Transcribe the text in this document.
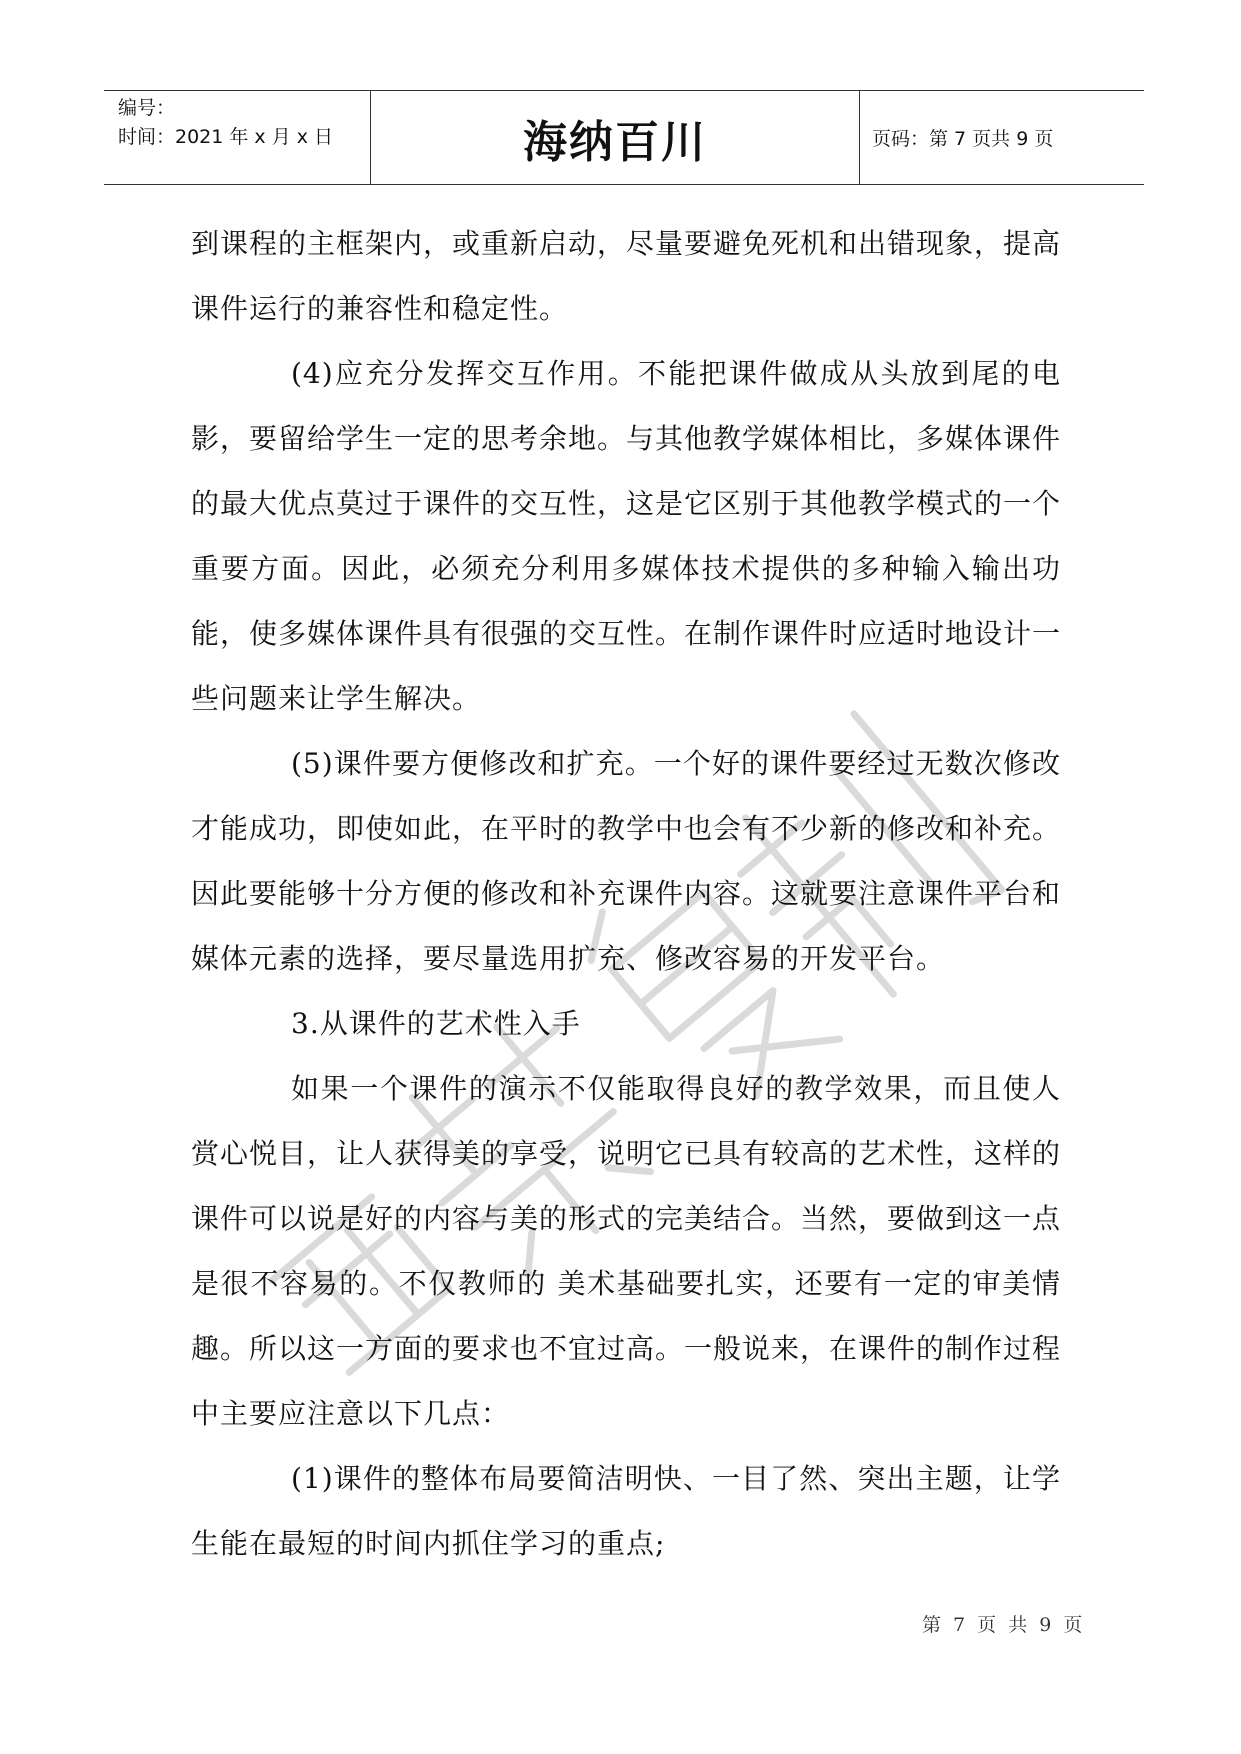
编号：
时间：2021 年 x 月 x 日	海纳百川	页码：第 7 页共 9 页

到课程的主框架内，或重新启动，尽量要避免死机和出错现象，提高课件运行的兼容性和稳定性。

(4)应充分发挥交互作用。不能把课件做成从头放到尾的电影，要留给学生一定的思考余地。与其他教学媒体相比，多媒体课件的最大优点莫过于课件的交互性，这是它区别于其他教学模式的一个重要方面。因此，必须充分利用多媒体技术提供的多种输入输出功能，使多媒体课件具有很强的交互性。在制作课件时应适时地设计一些问题来让学生解决。

(5)课件要方便修改和扩充。一个好的课件要经过无数次修改才能成功，即使如此，在平时的教学中也会有不少新的修改和补充。因此要能够十分方便的修改和补充课件内容。这就要注意课件平台和媒体元素的选择，要尽量选用扩充、修改容易的开发平台。

3.从课件的艺术性入手

如果一个课件的演示不仅能取得良好的教学效果，而且使人赏心悦目，让人获得美的享受，说明它已具有较高的艺术性，这样的课件可以说是好的内容与美的形式的完美结合。当然，要做到这一点是很不容易的。不仅教师的 美术基础要扎实，还要有一定的审美情趣。所以这一方面的要求也不宜过高。一般说来，在课件的制作过程中主要应注意以下几点：

(1)课件的整体布局要简洁明快、一目了然、突出主题，让学生能在最短的时间内抓住学习的重点;

第 7 页 共 9 页
